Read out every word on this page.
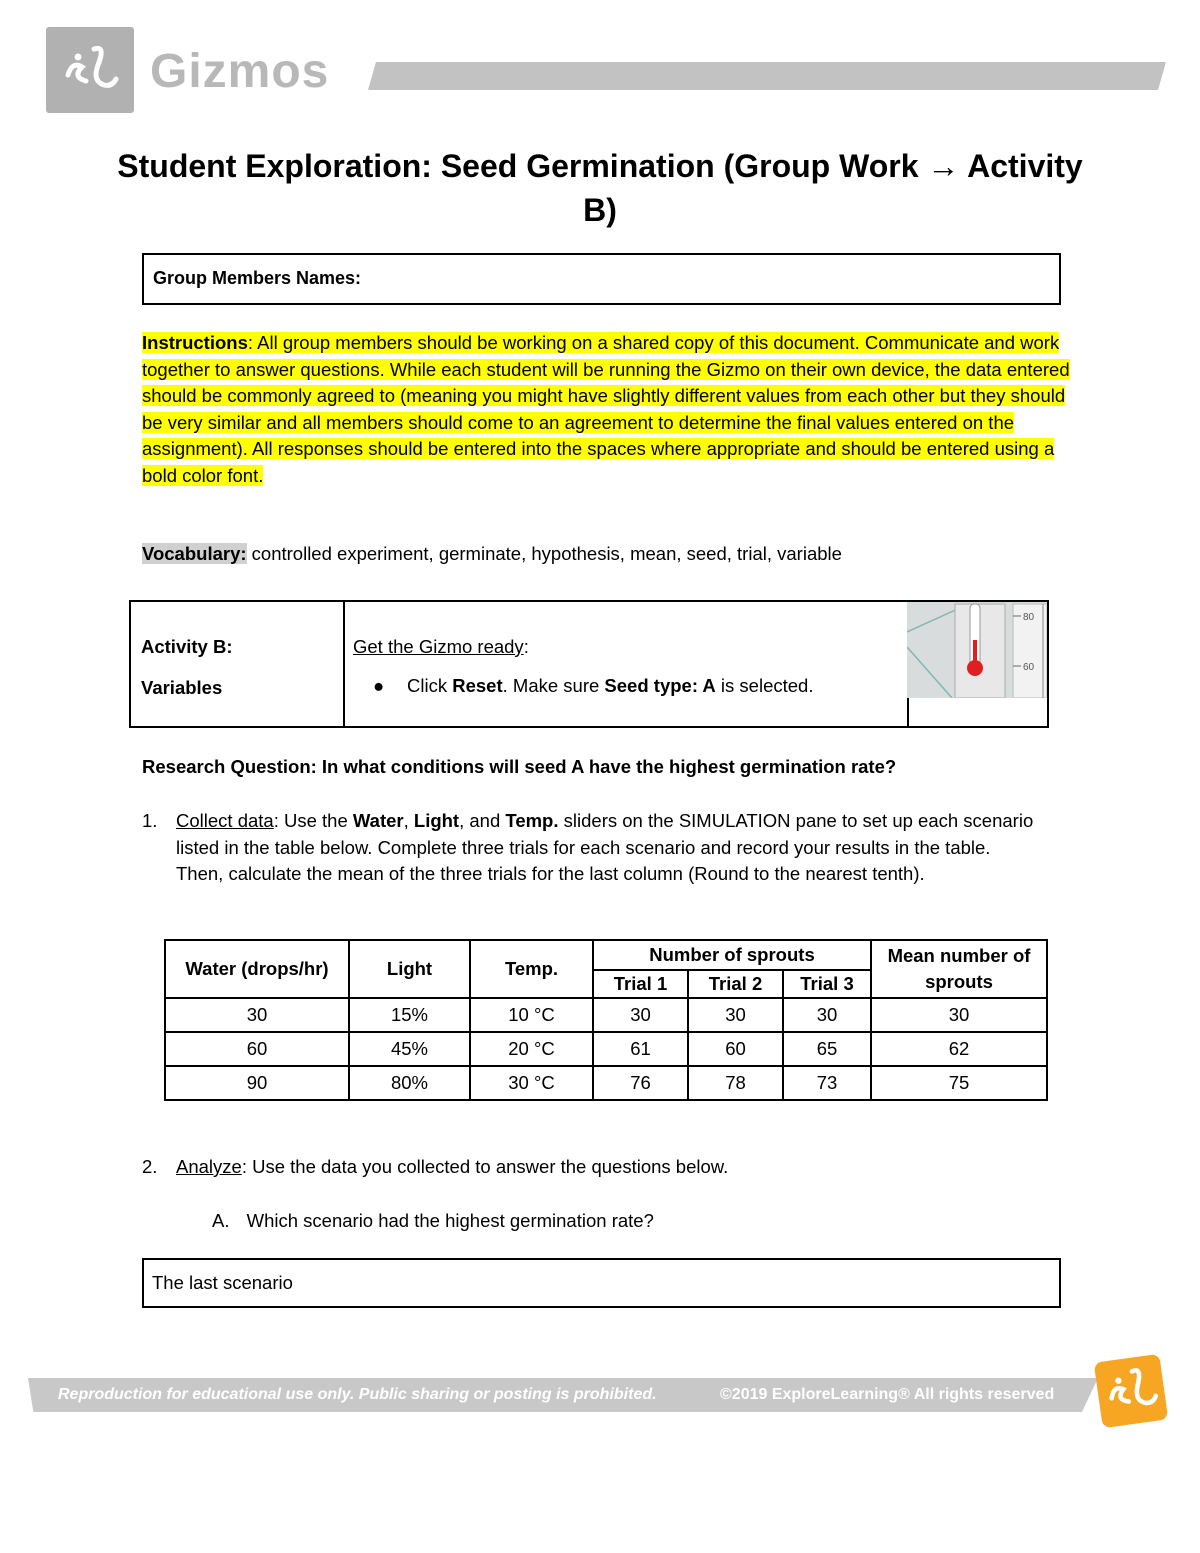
Gizmos
Student Exploration: Seed Germination (Group Work → Activity B)
Group Members Names:
Instructions: All group members should be working on a shared copy of this document. Communicate and work together to answer questions. While each student will be running the Gizmo on their own device, the data entered should be commonly agreed to (meaning you might have slightly different values from each other but they should be very similar and all members should come to an agreement to determine the final values entered on the assignment). All responses should be entered into the spaces where appropriate and should be entered using a bold color font.
Vocabulary: controlled experiment, germinate, hypothesis, mean, seed, trial, variable
Activity B:
Variables
Get the Gizmo ready:
● Click Reset. Make sure Seed type: A is selected.
80
60
Research Question: In what conditions will seed A have the highest germination rate?
1. Collect data: Use the Water, Light, and Temp. sliders on the SIMULATION pane to set up each scenario listed in the table below. Complete three trials for each scenario and record your results in the table. Then, calculate the mean of the three trials for the last column (Round to the nearest tenth).
Water (drops/hr)	Light	Temp.	Number of sprouts			Mean number of sprouts
			Trial 1	Trial 2	Trial 3	
30	15%	10 °C	30	30	30	30
60	45%	20 °C	61	60	65	62
90	80%	30 °C	76	78	73	75
2. Analyze: Use the data you collected to answer the questions below.
A. Which scenario had the highest germination rate?
The last scenario
Reproduction for educational use only. Public sharing or posting is prohibited.	©2019 ExploreLearning® All rights reserved
